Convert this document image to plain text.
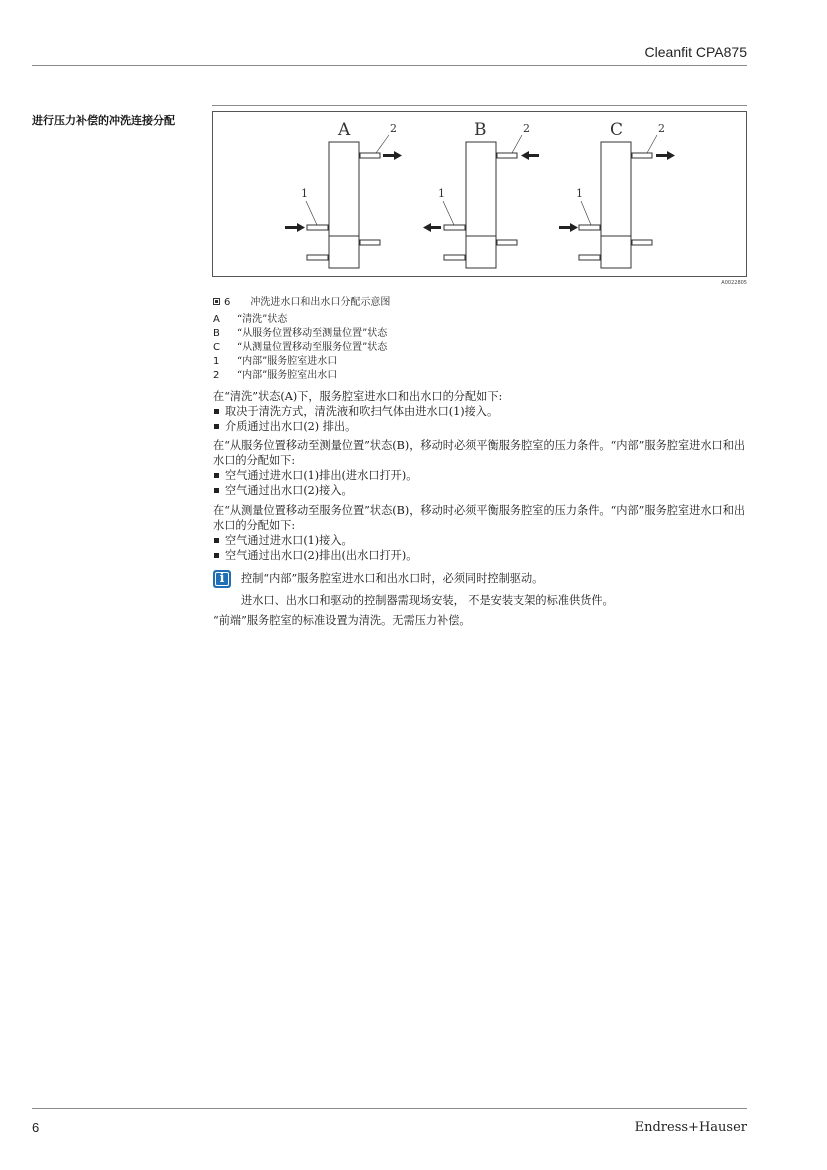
Cleanfit CPA875
进行压力补偿的冲洗连接分配	A	2
1
B	2
1
C	2
1
A0022805
6 冲洗进水口和出水口分配示意图
A	“清洗”状态
B	“从服务位置移动至测量位置”状态
C	“从测量位置移动至服务位置”状态
1	“内部”服务腔室进水口
2	“内部”服务腔室出水口
在“清洗”状态(A)下，服务腔室进水口和出水口的分配如下:
取决于清洗方式，清洗液和吹扫气体由进水口(1)接入。
介质通过出水口(2) 排出。
在“从服务位置移动至测量位置”状态(B)，移动时必须平衡服务腔室的压力条件。“内部”服务腔室进水口和出水口的分配如下:
空气通过进水口(1)排出(进水口打开)。
空气通过出水口(2)接入。
在“从测量位置移动至服务位置”状态(B)，移动时必须平衡服务腔室的压力条件。“内部”服务腔室进水口和出水口的分配如下:
空气通过进水口(1)接入。
空气通过出水口(2)排出(出水口打开)。
i	控制“内部”服务腔室进水口和出水口时，必须同时控制驱动。
进水口、出水口和驱动的控制器需现场安装， 不是安装支架的标准供货件。
“前端”服务腔室的标准设置为清洗。无需压力补偿。
6	Endress+Hauser
